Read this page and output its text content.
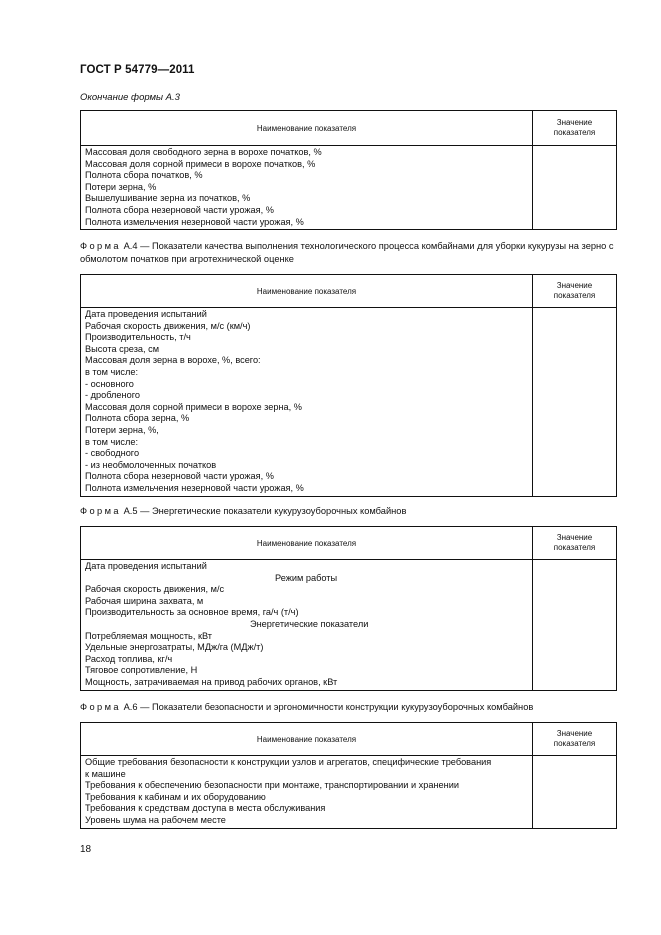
ГОСТ Р 54779—2011
Окончание формы А.3
Наименование показателя
Значение
показателя
Массовая доля свободного зерна в ворохе початков, %
Массовая доля сорной примеси в ворохе початков, %
Полнота сбора початков, %
Потери зерна, %
Вышелушивание зерна из початков, %
Полнота сбора незерновой части урожая, %
Полнота измельчения незерновой части урожая, %
Форма А.4 — Показатели качества выполнения технологического процесса комбайнами для уборки кукурузы на зерно с обмолотом початков при агротехнической оценке
Наименование показателя
Значение
показателя
Дата проведения испытаний
Рабочая скорость движения, м/с (км/ч)
Производительность, т/ч
Высота среза, см
Массовая доля зерна в ворохе, %, всего:
в том числе:
- основного
- дробленого
Массовая доля сорной примеси в ворохе зерна, %
Полнота сбора зерна, %
Потери зерна, %,
в том числе:
- свободного
- из необмолоченных початков
Полнота сбора незерновой части урожая, %
Полнота измельчения незерновой части урожая, %
Форма А.5 — Энергетические показатели кукурузоуборочных комбайнов
Наименование показателя
Значение
показателя
Дата проведения испытаний
Режим работы
Рабочая скорость движения, м/с
Рабочая ширина захвата, м
Производительность за основное время, га/ч (т/ч)
Энергетические показатели
Потребляемая мощность, кВт
Удельные энергозатраты, МДж/га (МДж/т)
Расход топлива, кг/ч
Тяговое сопротивление, Н
Мощность, затрачиваемая на привод рабочих органов, кВт
Форма А.6 — Показатели безопасности и эргономичности конструкции кукурузоуборочных комбайнов
Наименование показателя
Значение
показателя
Общие требования безопасности к конструкции узлов и агрегатов, специфические требования
к машине
Требования к обеспечению безопасности при монтаже, транспортировании и хранении
Требования к кабинам и их оборудованию
Требования к средствам доступа в места обслуживания
Уровень шума на рабочем месте
18
